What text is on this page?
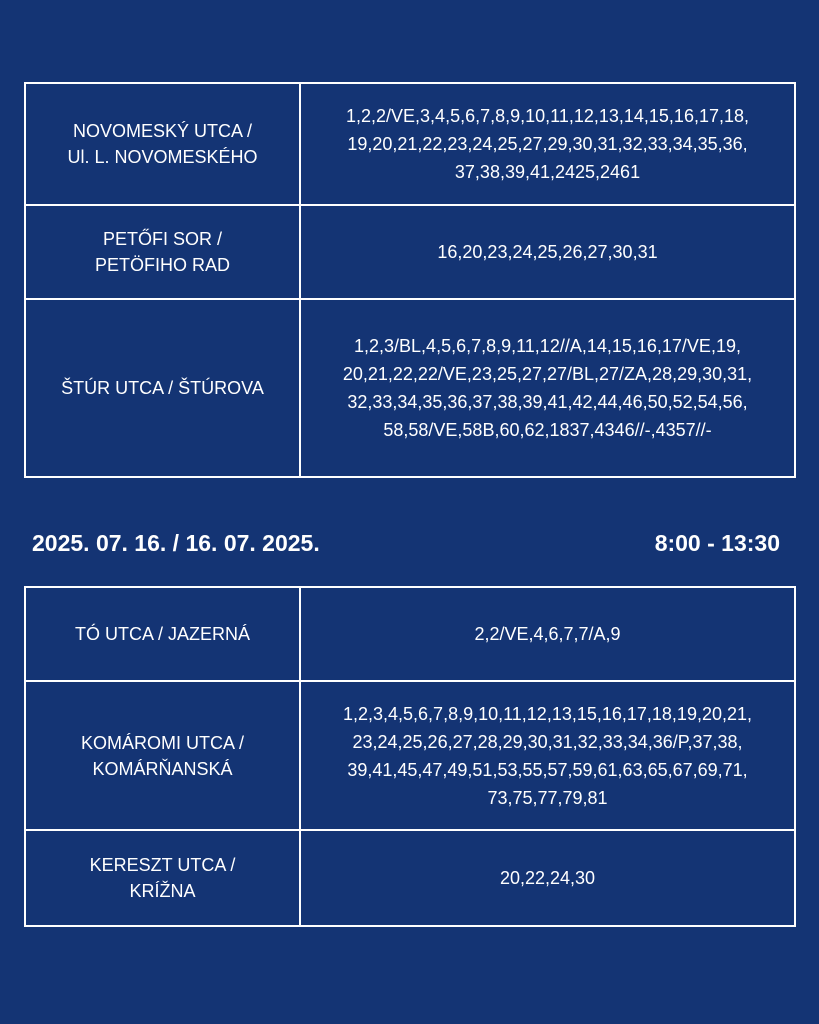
NOVOMESKÝ UTCA /
Ul. L. NOVOMESKÉHO
1,2,2/VE,3,4,5,6,7,8,9,10,11,12,13,14,15,16,17,18,
19,20,21,22,23,24,25,27,29,30,31,32,33,34,35,36,
37,38,39,41,2425,2461
PETŐFI SOR /
PETÖFIHO RAD
16,20,23,24,25,26,27,30,31
ŠTÚR UTCA / ŠTÚROVA
1,2,3/BL,4,5,6,7,8,9,11,12//A,14,15,16,17/VE,19,
20,21,22,22/VE,23,25,27,27/BL,27/ZA,28,29,30,31,
32,33,34,35,36,37,38,39,41,42,44,46,50,52,54,56,
58,58/VE,58B,60,62,1837,4346//-,4357//-
2025. 07. 16. / 16. 07. 2025.	8:00 - 13:30
TÓ UTCA / JAZERNÁ	2,2/VE,4,6,7,7/A,9
KOMÁROMI UTCA /
KOMÁRŇANSKÁ
1,2,3,4,5,6,7,8,9,10,11,12,13,15,16,17,18,19,20,21,
23,24,25,26,27,28,29,30,31,32,33,34,36/P,37,38,
39,41,45,47,49,51,53,55,57,59,61,63,65,67,69,71,
73,75,77,79,81
KERESZT UTCA /
KRÍŽNA
20,22,24,30
